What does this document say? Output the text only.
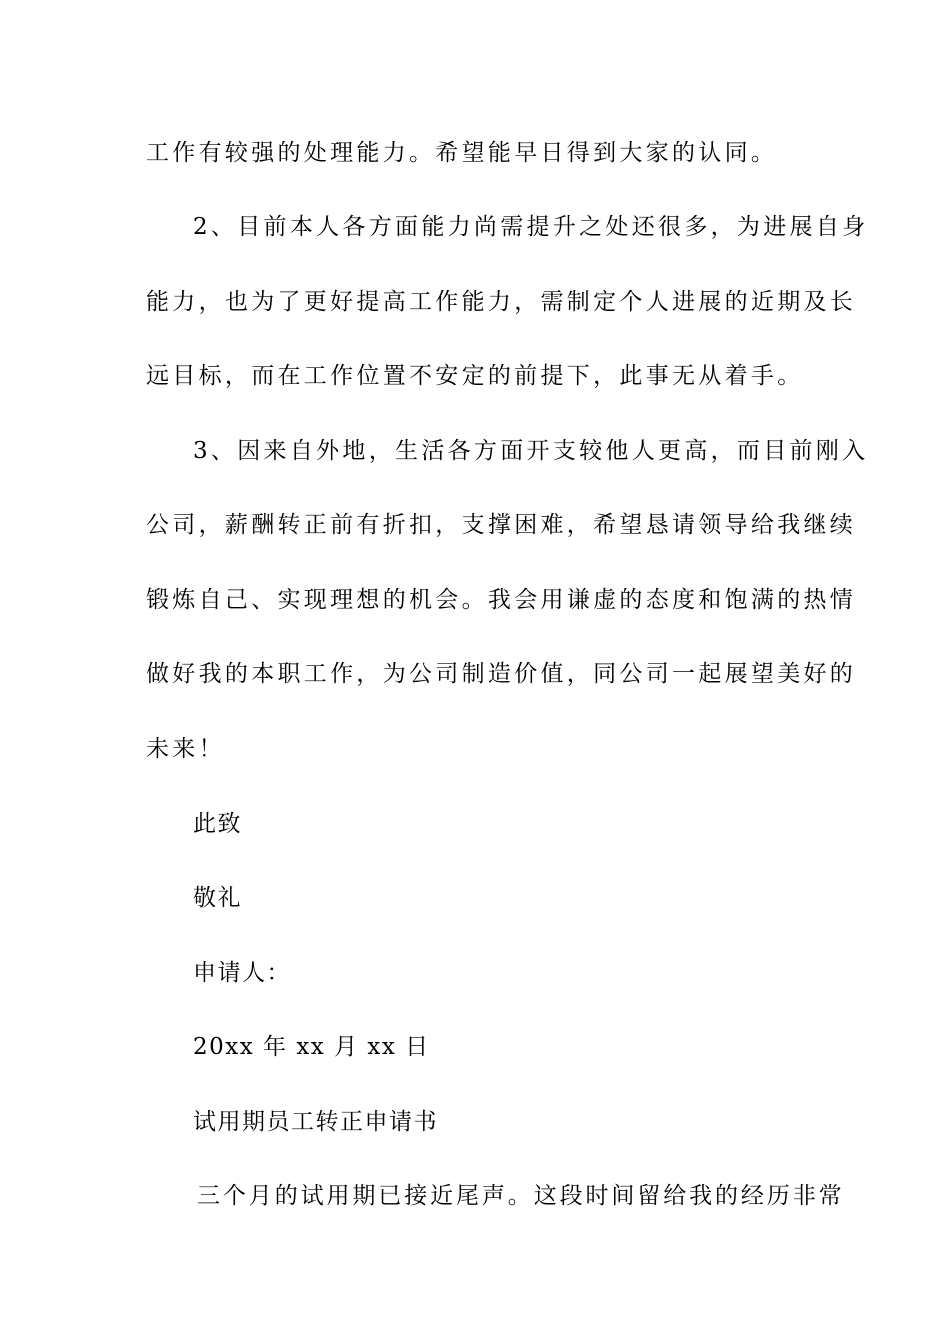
工作有较强的处理能力。希望能早日得到大家的认同。
2、目前本人各方面能力尚需提升之处还很多，为进展自身
能力，也为了更好提高工作能力，需制定个人进展的近期及长
远目标，而在工作位置不安定的前提下，此事无从着手。
3、因来自外地，生活各方面开支较他人更高，而目前刚入
公司，薪酬转正前有折扣，支撑困难，希望恳请领导给我继续
锻炼自己、实现理想的机会。我会用谦虚的态度和饱满的热情
做好我的本职工作，为公司制造价值，同公司一起展望美好的
未来！
此致
敬礼
申请人：
20xx 年 xx 月 xx 日
试用期员工转正申请书
三个月的试用期已接近尾声。这段时间留给我的经历非常
